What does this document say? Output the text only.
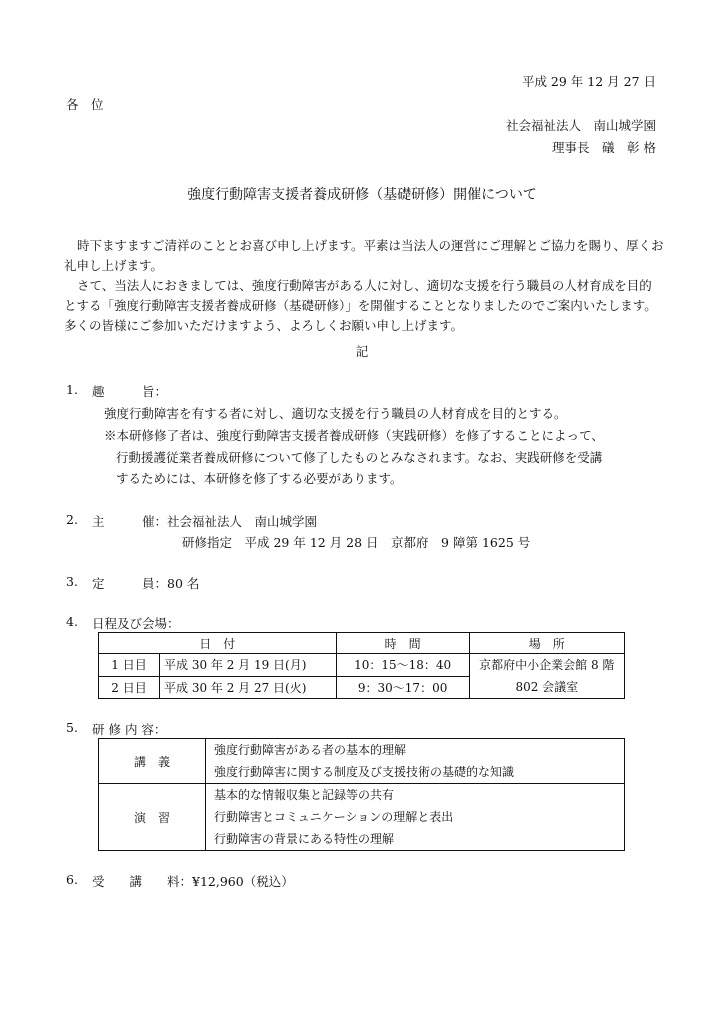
平成 29 年 12 月 27 日
各　位
社会福祉法人　南山城学園
理事長　礒　彰 格
強度行動障害支援者養成研修（基礎研修）開催について

時下ますますご清祥のこととお喜び申し上げます。平素は当法人の運営にご理解とご協力を賜り、厚くお礼申し上げます。

さて、当法人におきましては、強度行動障害がある人に対し、適切な支援を行う職員の人材育成を目的とする「強度行動障害支援者養成研修（基礎研修）」を開催することとなりましたのでご案内いたします。多くの皆様にご参加いただけますよう、よろしくお願い申し上げます。

記
1. 趣　　　旨：
強度行動障害を有する者に対し、適切な支援を行う職員の人材育成を目的とする。
※本研修修了者は、強度行動障害支援者養成研修（実践研修）を修了することによって、
行動援護従業者養成研修について修了したものとみなされます。なお、実践研修を受講
するためには、本研修を修了する必要があります。
2. 主　　　催：社会福祉法人　南山城学園
研修指定　平成 29 年 12 月 28 日　京都府　9 障第 1625 号
3. 定　　　員：80 名
4. 日程及び会場：
日　付		時　間	場　所
1 日目	平成 30 年 2 月 19 日(月)	10：15～18：40	京都府中小企業会館 8 階
802 会議室

2 日目	平成 30 年 2 月 27 日(火)	9：30～17：00	
5. 研 修 内 容：
講　義	強度行動障害がある者の基本的理解
強度行動障害に関する制度及び支援技術の基礎的な知識

演　習	基本的な情報収集と記録等の共有
行動障害とコミュニケーションの理解と表出
行動障害の背景にある特性の理解
6. 受　　講　　料：¥12,960（税込）
